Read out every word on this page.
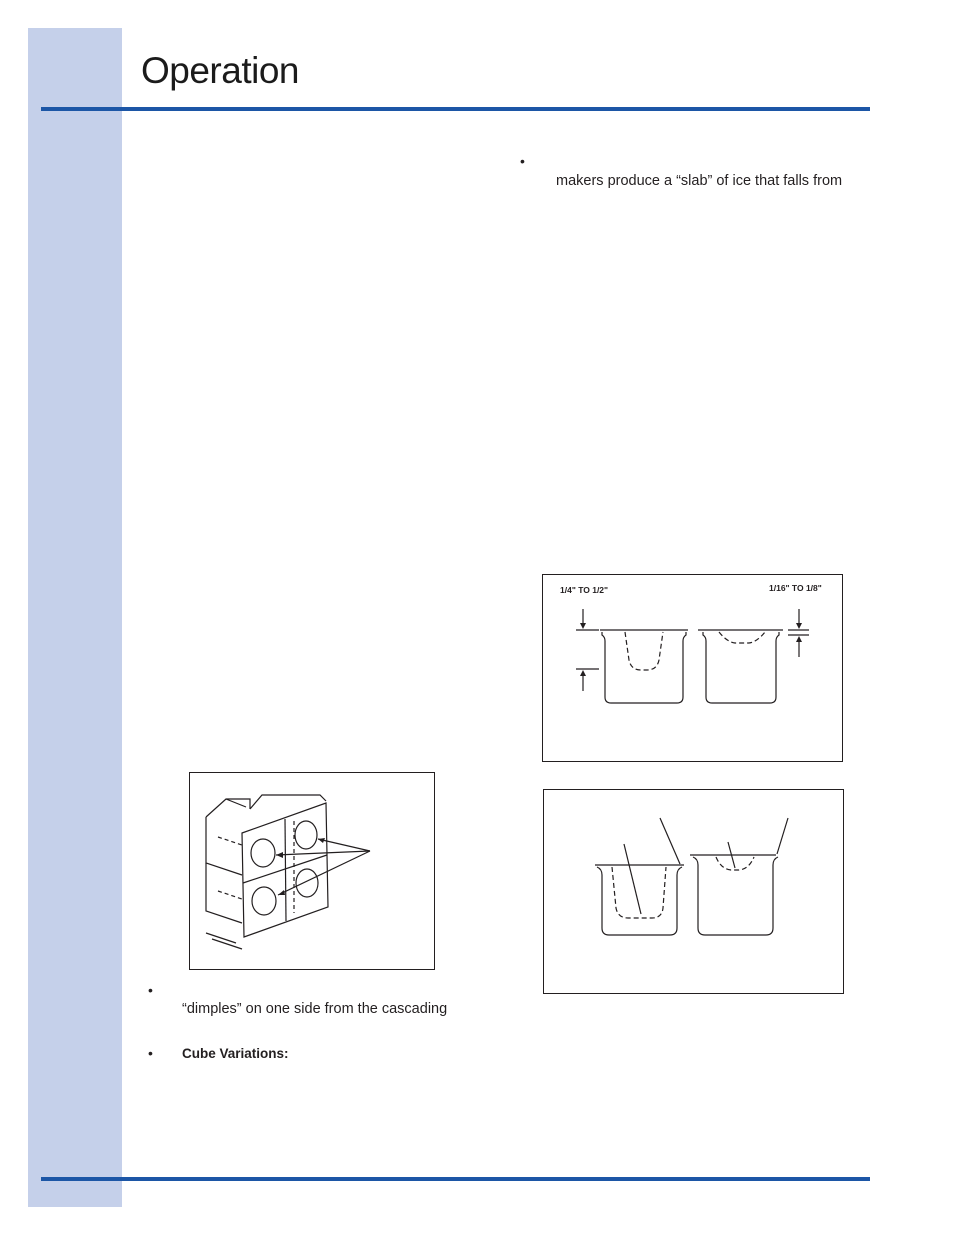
Operation
•
makers produce a “slab” of ice that falls from
1/4" TO 1/2"	1/16" TO 1/8"
•
“dimples” on one side from the cascading
• Cube Variations:
